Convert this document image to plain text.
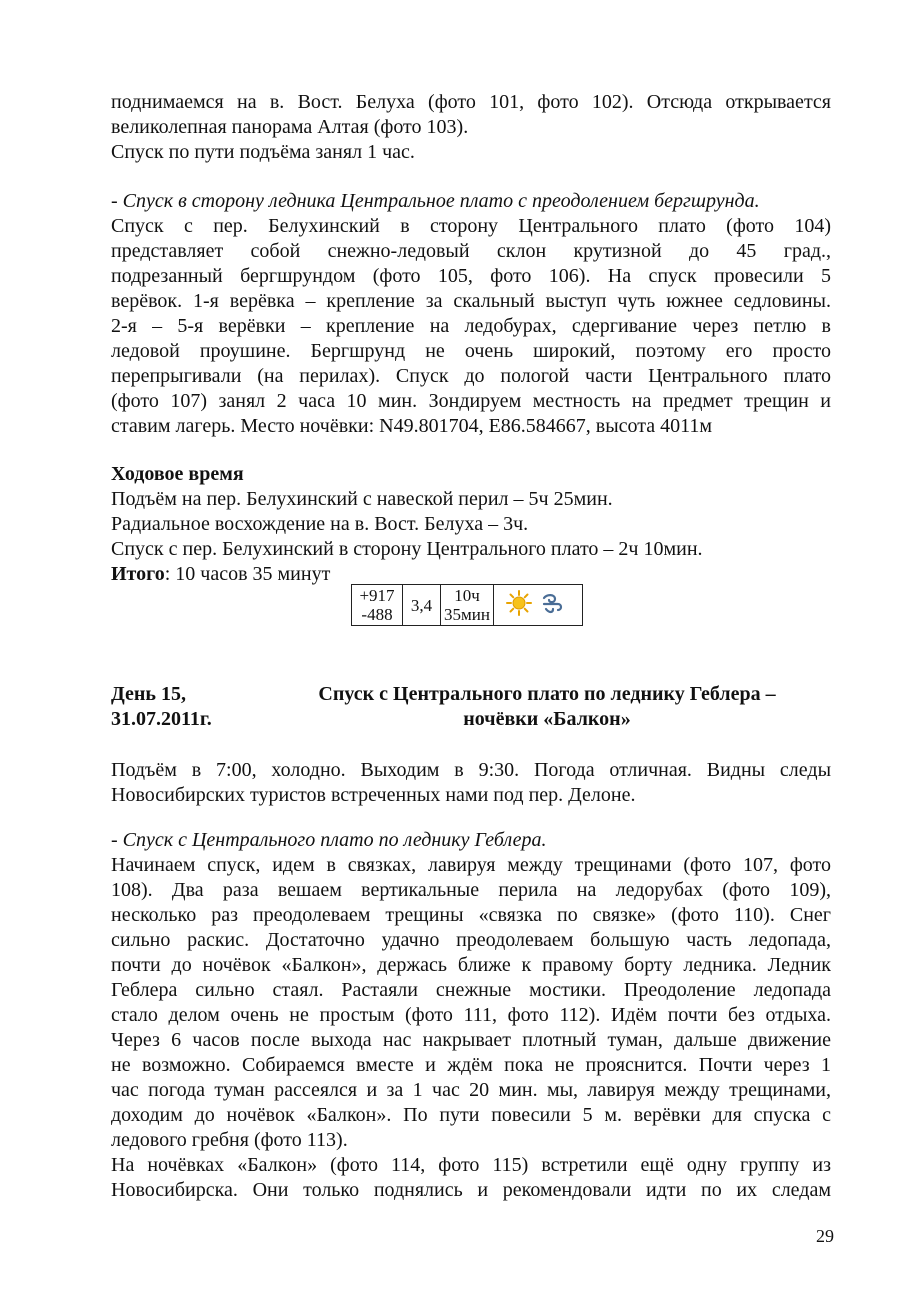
поднимаемся на в. Вост. Белуха (фото 101, фото 102). Отсюда открывается
великолепная панорама Алтая (фото 103).
Спуск по пути подъёма занял 1 час.
- Спуск в сторону ледника Центральное плато с преодолением бергшрунда.
Спуск с пер. Белухинский в сторону Центрального плато (фото 104)
представляет собой снежно-ледовый склон крутизной до 45 град.,
подрезанный бергшрундом (фото 105, фото 106). На спуск провесили 5
верёвок. 1-я верёвка – крепление за скальный выступ чуть южнее седловины.
2-я – 5-я верёвки – крепление на ледобурах, сдергивание через петлю в
ледовой проушине. Бергшрунд не очень широкий, поэтому его просто
перепрыгивали (на перилах). Спуск до пологой части Центрального плато
(фото 107) занял 2 часа 10 мин. Зондируем местность на предмет трещин и
ставим лагерь. Место ночёвки: N49.801704, E86.584667, высота 4011м
Ходовое время
Подъём на пер. Белухинский с навеской перил – 5ч 25мин.
Радиальное восхождение на в. Вост. Белуха – 3ч.
Спуск с пер. Белухинский в сторону Центрального плато – 2ч 10мин.
Итого: 10 часов 35 минут
+917
-488	3,4	10ч
35мин

День 15,
31.07.2011г.
Спуск с Центрального плато по леднику Геблера –
ночёвки «Балкон»
Подъём в 7:00, холодно. Выходим в 9:30. Погода отличная. Видны следы
Новосибирских туристов встреченных нами под пер. Делоне.
- Спуск с Центрального плато по леднику Геблера.
Начинаем спуск, идем в связках, лавируя между трещинами (фото 107, фото
108). Два раза вешаем вертикальные перила на ледорубах (фото 109),
несколько раз преодолеваем трещины «связка по связке» (фото 110). Снег
сильно раскис. Достаточно удачно преодолеваем большую часть ледопада,
почти до ночёвок «Балкон», держась ближе к правому борту ледника. Ледник
Геблера сильно стаял. Растаяли снежные мостики. Преодоление ледопада
стало делом очень не простым (фото 111, фото 112). Идём почти без отдыха.
Через 6 часов после выхода нас накрывает плотный туман, дальше движение
не возможно. Собираемся вместе и ждём пока не прояснится. Почти через 1
час погода туман рассеялся и за 1 час 20 мин. мы, лавируя между трещинами,
доходим до ночёвок «Балкон». По пути повесили 5 м. верёвки для спуска с
ледового гребня (фото 113).
На ночёвках «Балкон» (фото 114, фото 115) встретили ещё одну группу из
Новосибирска. Они только поднялись и рекомендовали идти по их следам
29
